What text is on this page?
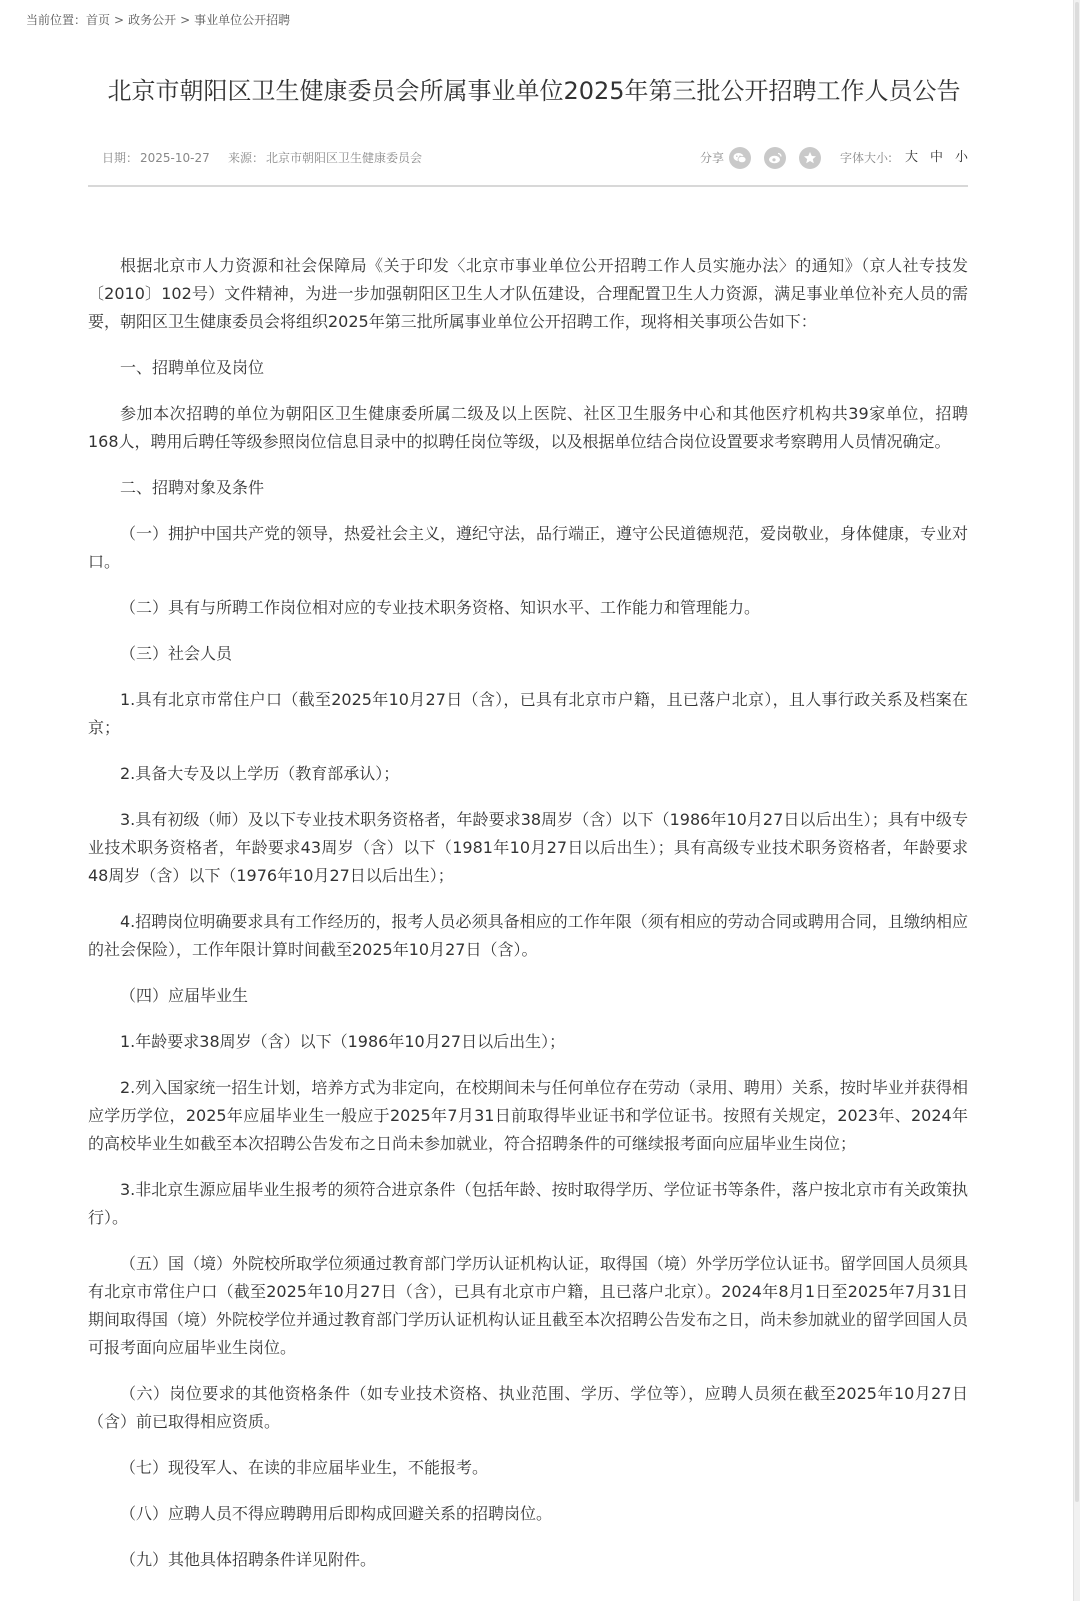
当前位置：首页 > 政务公开 > 事业单位公开招聘
北京市朝阳区卫生健康委员会所属事业单位2025年第三批公开招聘工作人员公告
日期： 2025-10-27 来源： 北京市朝阳区卫生健康委员会	分享	字体大小: 大 中 小

根据北京市人力资源和社会保障局《关于印发〈北京市事业单位公开招聘工作人员实施办法〉的通知》（京人社专技发〔2010〕102号）文件精神，为进一步加强朝阳区卫生人才队伍建设，合理配置卫生人力资源，满足事业单位补充人员的需要，朝阳区卫生健康委员会将组织2025年第三批所属事业单位公开招聘工作，现将相关事项公告如下：

一、招聘单位及岗位

参加本次招聘的单位为朝阳区卫生健康委所属二级及以上医院、社区卫生服务中心和其他医疗机构共39家单位，招聘168人，聘用后聘任等级参照岗位信息目录中的拟聘任岗位等级，以及根据单位结合岗位设置要求考察聘用人员情况确定。

二、招聘对象及条件

（一）拥护中国共产党的领导，热爱社会主义，遵纪守法，品行端正，遵守公民道德规范，爱岗敬业，身体健康，专业对口。

（二）具有与所聘工作岗位相对应的专业技术职务资格、知识水平、工作能力和管理能力。

（三）社会人员

1.具有北京市常住户口（截至2025年10月27日（含），已具有北京市户籍，且已落户北京），且人事行政关系及档案在京；

2.具备大专及以上学历（教育部承认）；

3.具有初级（师）及以下专业技术职务资格者，年龄要求38周岁（含）以下（1986年10月27日以后出生）；具有中级专业技术职务资格者，年龄要求43周岁（含）以下（1981年10月27日以后出生）；具有高级专业技术职务资格者，年龄要求48周岁（含）以下（1976年10月27日以后出生）；

4.招聘岗位明确要求具有工作经历的，报考人员必须具备相应的工作年限（须有相应的劳动合同或聘用合同，且缴纳相应的社会保险），工作年限计算时间截至2025年10月27日（含）。

（四）应届毕业生

1.年龄要求38周岁（含）以下（1986年10月27日以后出生）；

2.列入国家统一招生计划，培养方式为非定向，在校期间未与任何单位存在劳动（录用、聘用）关系，按时毕业并获得相应学历学位，2025年应届毕业生一般应于2025年7月31日前取得毕业证书和学位证书。按照有关规定，2023年、2024年的高校毕业生如截至本次招聘公告发布之日尚未参加就业，符合招聘条件的可继续报考面向应届毕业生岗位；

3.非北京生源应届毕业生报考的须符合进京条件（包括年龄、按时取得学历、学位证书等条件，落户按北京市有关政策执行）。

（五）国（境）外院校所取学位须通过教育部门学历认证机构认证，取得国（境）外学历学位认证书。留学回国人员须具有北京市常住户口（截至2025年10月27日（含），已具有北京市户籍，且已落户北京）。2024年8月1日至2025年7月31日期间取得国（境）外院校学位并通过教育部门学历认证机构认证且截至本次招聘公告发布之日，尚未参加就业的留学回国人员可报考面向应届毕业生岗位。

（六）岗位要求的其他资格条件（如专业技术资格、执业范围、学历、学位等），应聘人员须在截至2025年10月27日（含）前已取得相应资质。

（七）现役军人、在读的非应届毕业生，不能报考。

（八）应聘人员不得应聘聘用后即构成回避关系的招聘岗位。

（九）其他具体招聘条件详见附件。
